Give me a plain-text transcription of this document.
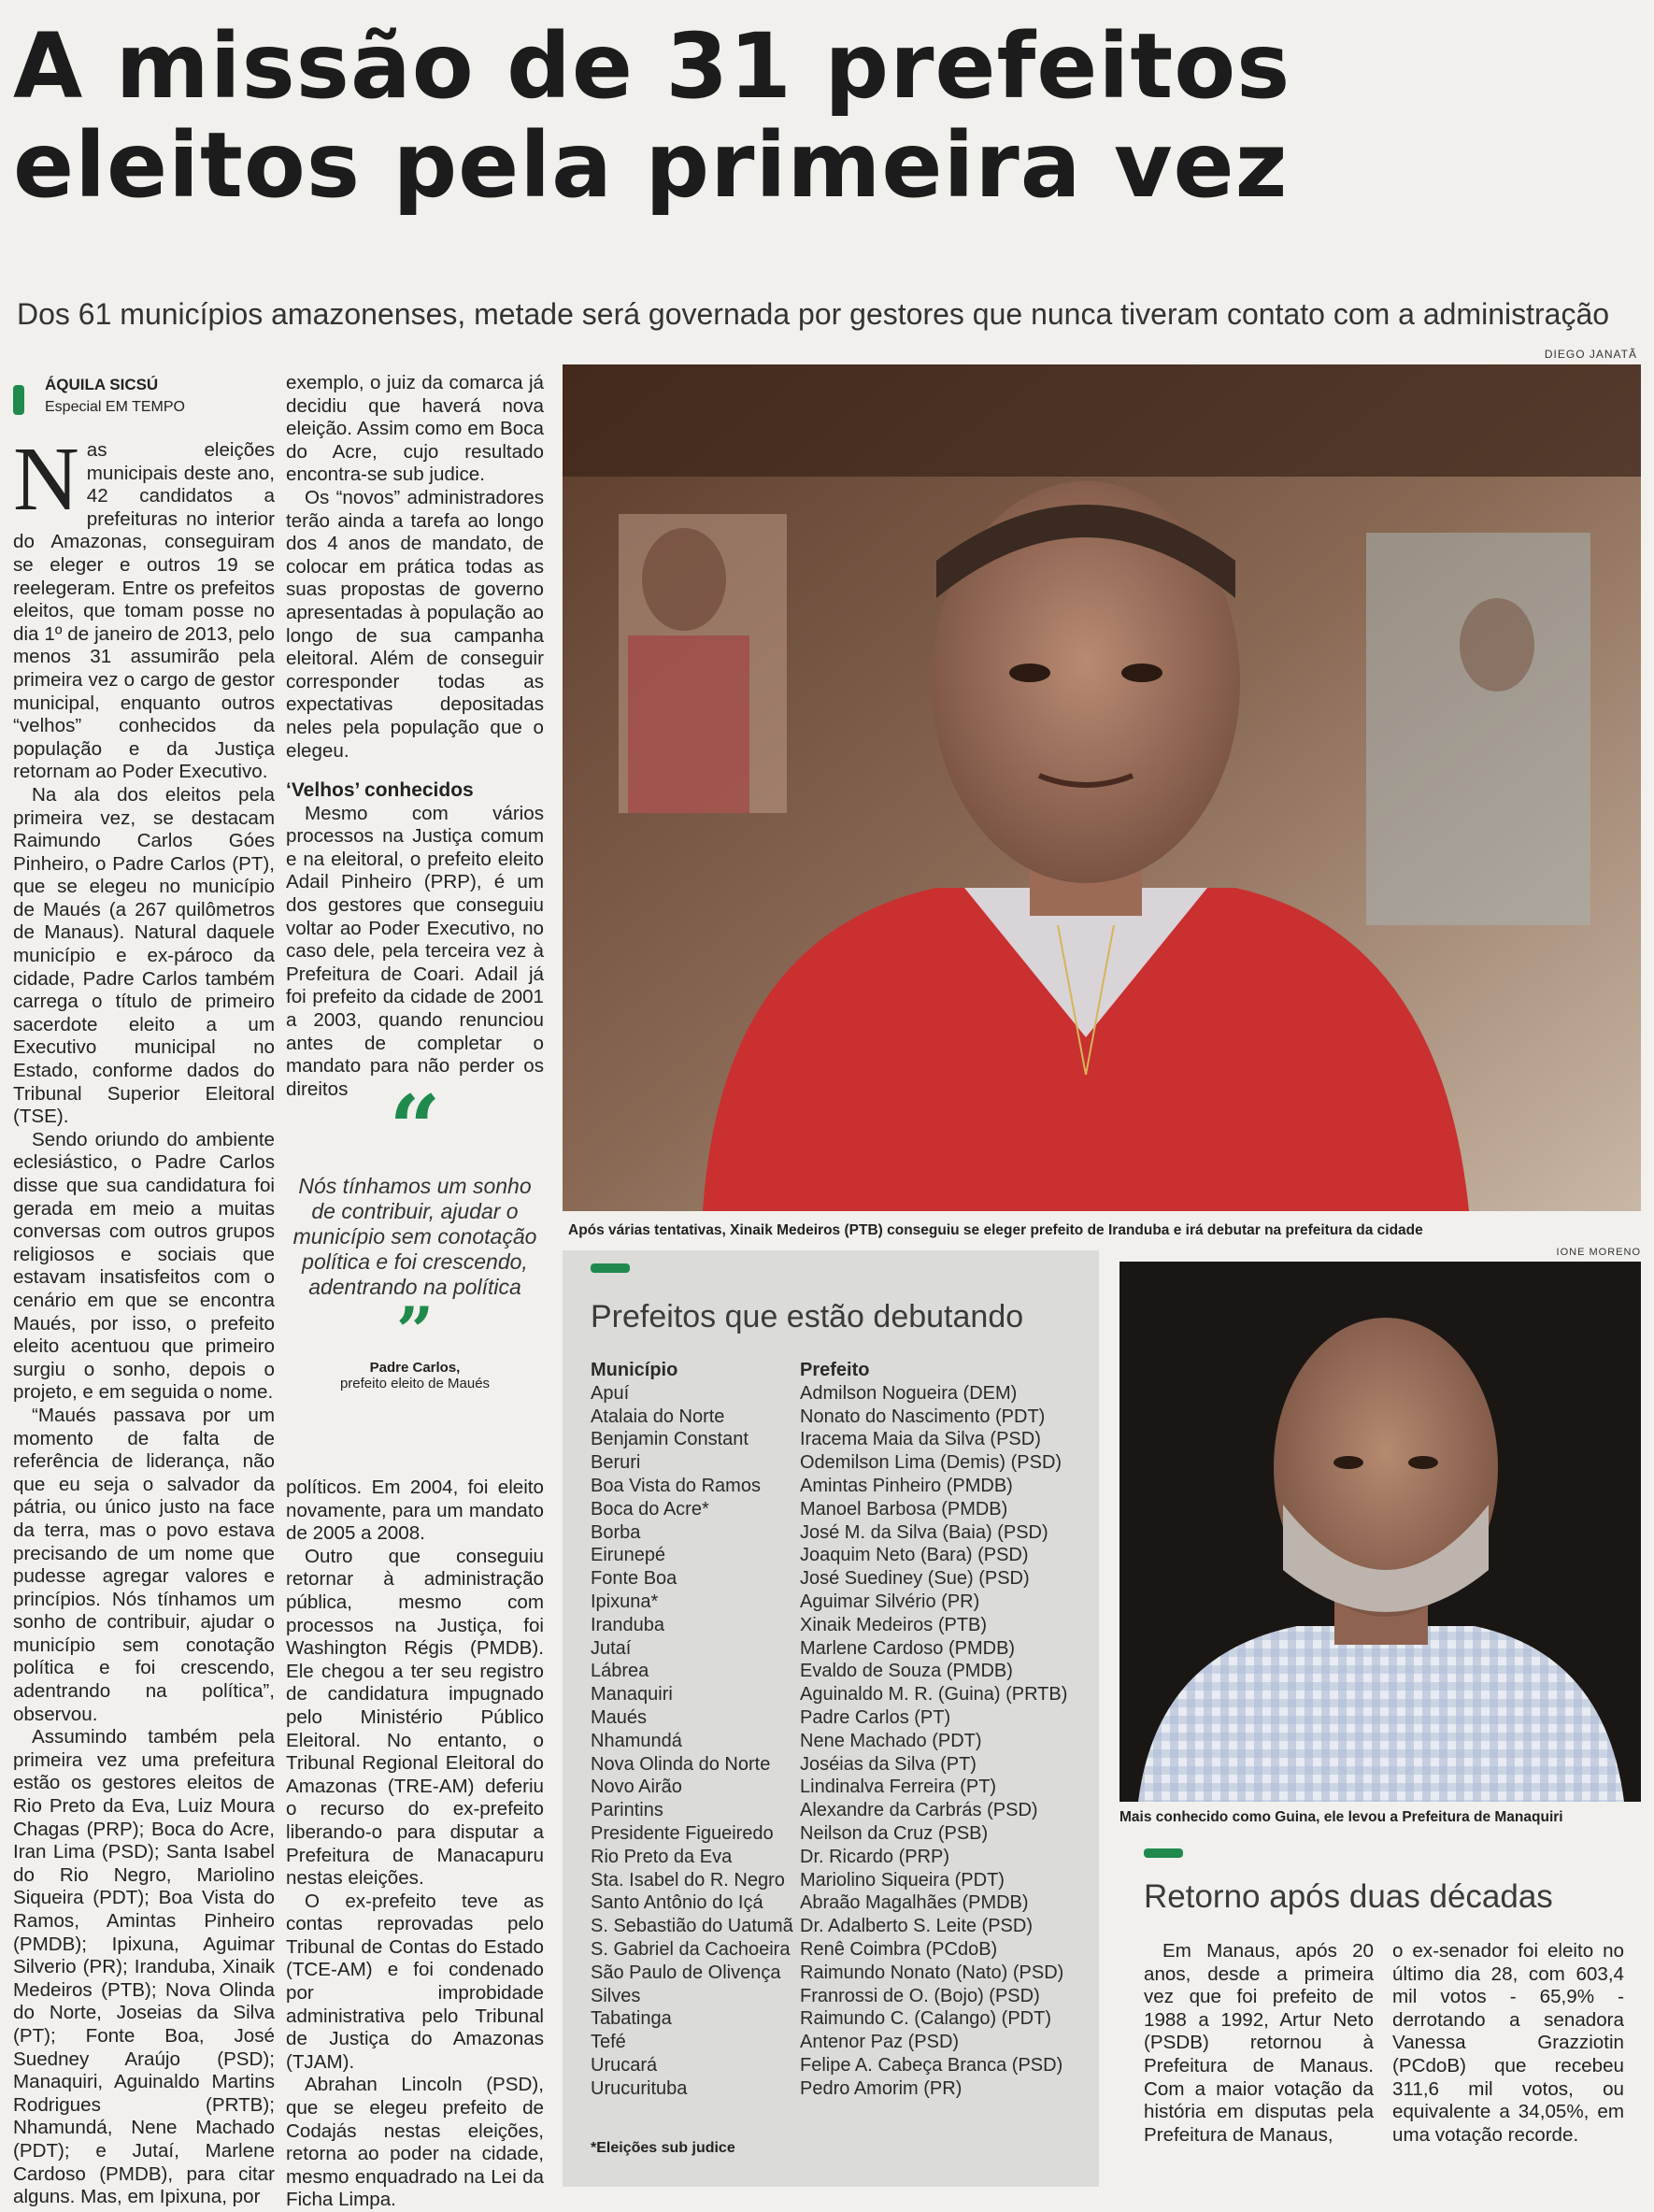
A missão de 31 prefeitos
eleitos pela primeira vez
Dos 61 municípios amazonenses, metade será governada por gestores que nunca tiveram contato com a administração
DIEGO JANATÃ
ÁQUILA SICSÚ
Especial EM TEMPO

Nas eleições municipais deste ano, 42 candidatos a prefeituras no interior do Amazonas, conseguiram se eleger e outros 19 se reelegeram. Entre os prefeitos eleitos, que tomam posse no dia 1º de janeiro de 2013, pelo menos 31 assumirão pela primeira vez o cargo de gestor municipal, enquanto outros “velhos” conhecidos da população e da Justiça retornam ao Poder Executivo.

Na ala dos eleitos pela primeira vez, se destacam Raimundo Carlos Góes Pinheiro, o Padre Carlos (PT), que se elegeu no município de Maués (a 267 quilômetros de Manaus). Natural daquele município e ex-pároco da cidade, Padre Carlos também carrega o título de primeiro sacerdote eleito a um Executivo municipal no Estado, conforme dados do Tribunal Superior Eleitoral (TSE).

Sendo oriundo do ambiente eclesiástico, o Padre Carlos disse que sua candidatura foi gerada em meio a muitas conversas com outros grupos religiosos e sociais que estavam insatisfeitos com o cenário em que se encontra Maués, por isso, o prefeito eleito acentuou que primeiro surgiu o sonho, depois o projeto, e em seguida o nome.

“Maués passava por um momento de falta de referência de liderança, não que eu seja o salvador da pátria, ou único justo na face da terra, mas o povo estava precisando de um nome que pudesse agregar valores e princípios. Nós tínhamos um sonho de contribuir, ajudar o município sem conotação política e foi crescendo, adentrando na política”, observou.

Assumindo também pela primeira vez uma prefeitura estão os gestores eleitos de Rio Preto da Eva, Luiz Moura Chagas (PRP); Boca do Acre, Iran Lima (PSD); Santa Isabel do Rio Negro, Mariolino Siqueira (PDT); Boa Vista do Ramos, Amintas Pinheiro (PMDB); Ipixuna, Aguimar Silverio (PR); Iranduba, Xinaik Medeiros (PTB); Nova Olinda do Norte, Joseias da Silva (PT); Fonte Boa, José Suedney Araújo (PSD); Manaquiri, Aguinaldo Martins Rodrigues (PRTB); Nhamundá, Nene Machado (PDT); e Jutaí, Marlene Cardoso (PMDB), para citar alguns. Mas, em Ipixuna, por

exemplo, o juiz da comarca já decidiu que haverá nova eleição. Assim como em Boca do Acre, cujo resultado encontra-se sub judice.

Os “novos” administradores terão ainda a tarefa ao longo dos 4 anos de mandato, de colocar em prática todas as suas propostas de governo apresentadas à população ao longo de sua campanha eleitoral. Além de conseguir corresponder todas as expectativas depositadas neles pela população que o elegeu.

‘Velhos’ conhecidos

Mesmo com vários processos na Justiça comum e na eleitoral, o prefeito eleito Adail Pinheiro (PRP), é um dos gestores que conseguiu voltar ao Poder Executivo, no caso dele, pela terceira vez à Prefeitura de Coari. Adail já foi prefeito da cidade de 2001 a 2003, quando renunciou antes de completar o mandato para não perder os direitos “
Nós tínhamos um sonho de contribuir, ajudar o município sem conotação política e foi crescendo, adentrando na política
”
Padre Carlos,
prefeito eleito de Maués

políticos. Em 2004, foi eleito novamente, para um mandato de 2005 a 2008.

Outro que conseguiu retornar à administração pública, mesmo com processos na Justiça, foi Washington Régis (PMDB). Ele chegou a ter seu registro de candidatura impugnado pelo Ministério Público Eleitoral. No entanto, o Tribunal Regional Eleitoral do Amazonas (TRE-AM) deferiu o recurso do ex-prefeito liberando-o para disputar a Prefeitura de Manacapuru nestas eleições.

O ex-prefeito teve as contas reprovadas pelo Tribunal de Contas do Estado (TCE-AM) e foi condenado por improbidade administrativa pelo Tribunal de Justiça do Amazonas (TJAM).

Abrahan Lincoln (PSD), que se elegeu prefeito de Codajás nestas eleições, retorna ao poder na cidade, mesmo enquadrado na Lei da Ficha Limpa.

Após várias tentativas, Xinaik Medeiros (PTB) conseguiu se eleger prefeito de Iranduba e irá debutar na prefeitura da cidade
Prefeitos que estão debutando
Município
Apuí
Atalaia do Norte
Benjamin Constant
Beruri
Boa Vista do Ramos
Boca do Acre*
Borba
Eirunepé
Fonte Boa
Ipixuna*
Iranduba
Jutaí
Lábrea
Manaquiri
Maués
Nhamundá
Nova Olinda do Norte
Novo Airão
Parintins
Presidente Figueiredo
Rio Preto da Eva
Sta. Isabel do R. Negro
Santo Antônio do Içá
S. Sebastião do Uatumã
S. Gabriel da Cachoeira
São Paulo de Olivença
Silves
Tabatinga
Tefé
Urucará
Urucurituba
Prefeito
Admilson Nogueira (DEM)
Nonato do Nascimento (PDT)
Iracema Maia da Silva (PSD)
Odemilson Lima (Demis) (PSD)
Amintas Pinheiro (PMDB)
Manoel Barbosa (PMDB)
José M. da Silva (Baia) (PSD)
Joaquim Neto (Bara) (PSD)
José Suediney (Sue) (PSD)
Aguimar Silvério (PR)
Xinaik Medeiros (PTB)
Marlene Cardoso (PMDB)
Evaldo de Souza (PMDB)
Aguinaldo M. R. (Guina) (PRTB)
Padre Carlos (PT)
Nene Machado (PDT)
Joséias da Silva (PT)
Lindinalva Ferreira (PT)
Alexandre da Carbrás (PSD)
Neilson da Cruz (PSB)
Dr. Ricardo (PRP)
Mariolino Siqueira (PDT)
Abraão Magalhães (PMDB)
Dr. Adalberto S. Leite (PSD)
Renê Coimbra (PCdoB)
Raimundo Nonato (Nato) (PSD)
Franrossi de O. (Bojo) (PSD)
Raimundo C. (Calango) (PDT)
Antenor Paz (PSD)
Felipe A. Cabeça Branca (PSD)
Pedro Amorim (PR)
*Eleições sub judice
IONE MORENO
Mais conhecido como Guina, ele levou a Prefeitura de Manaquiri
Retorno após duas décadas

Em Manaus, após 20 anos, desde a primeira vez que foi prefeito de 1988 a 1992, Artur Neto (PSDB) retornou à Prefeitura de Manaus. Com a maior votação da história em disputas pela Prefeitura de Manaus,

o ex-senador foi eleito no último dia 28, com 603,4 mil votos - 65,9% - derrotando a senadora Vanessa Grazziotin (PCdoB) que recebeu 311,6 mil votos, ou equivalente a 34,05%, em uma votação recorde.
